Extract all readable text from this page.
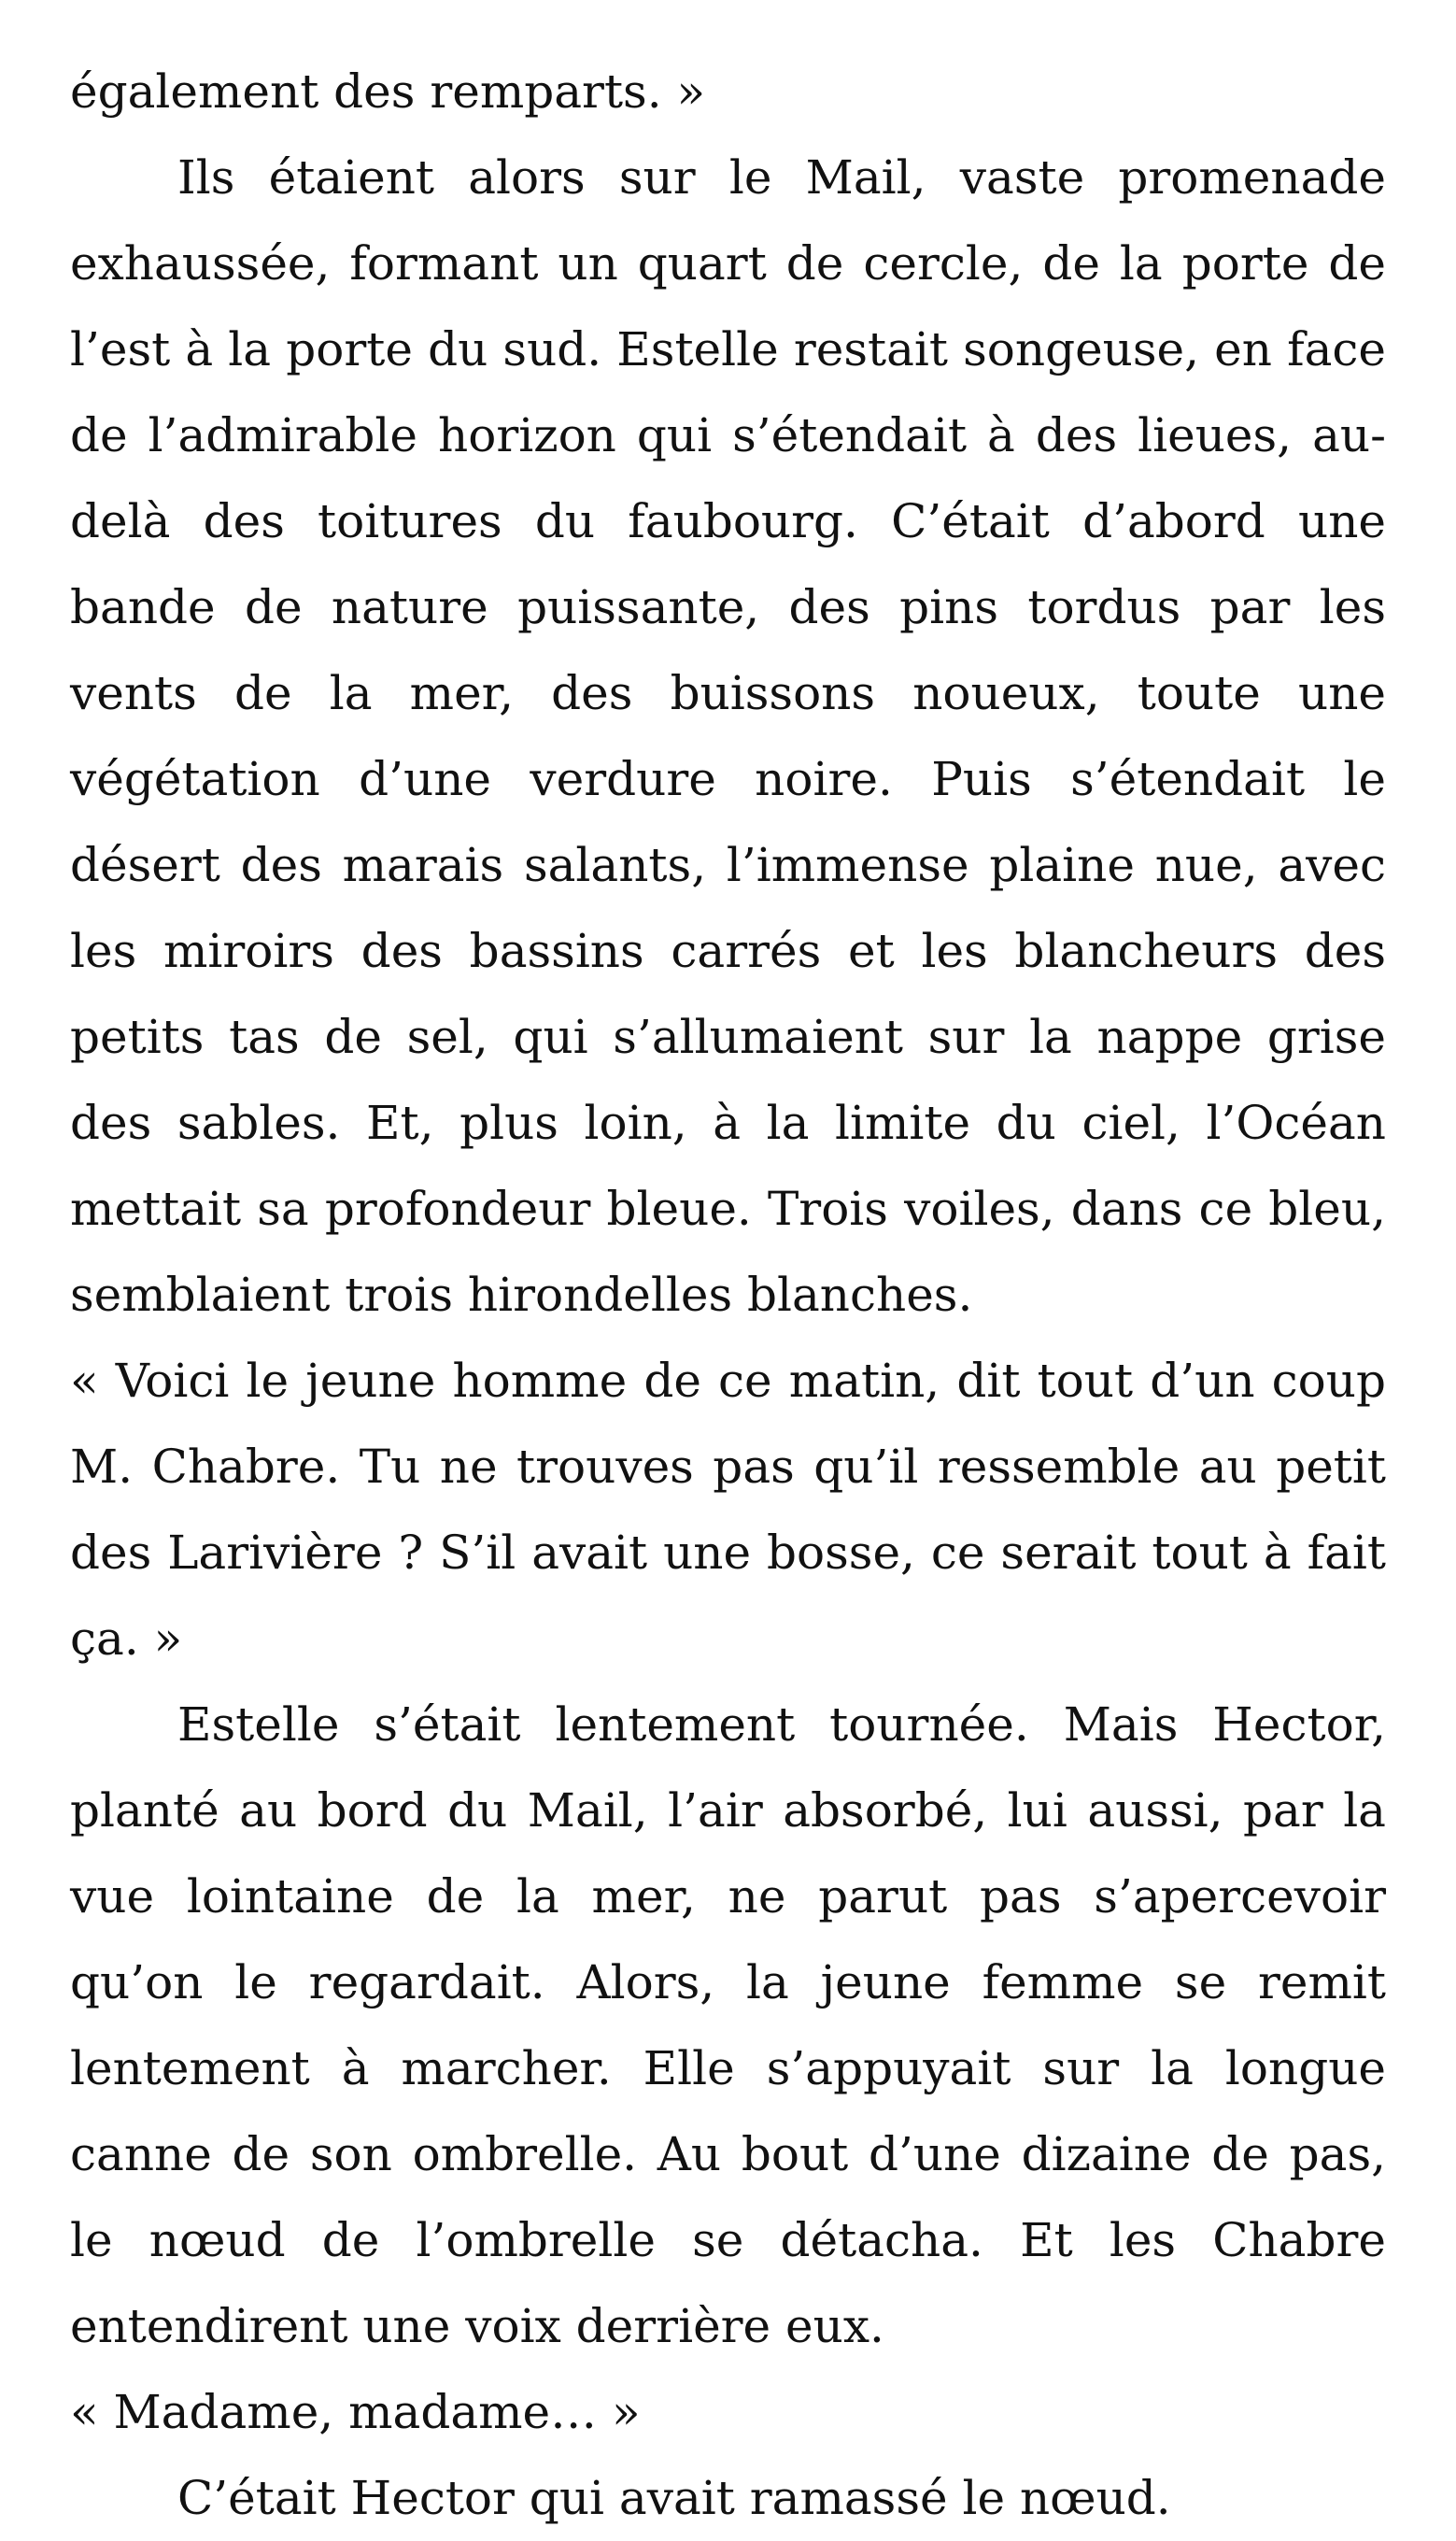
également des remparts. »

Ils étaient alors sur le Mail, vaste promenade exhaussée, formant un quart de cercle, de la porte de l’est à la porte du sud. Estelle restait songeuse, en face de l’admirable horizon qui s’étendait à des lieues, au-delà des toitures du faubourg. C’était d’abord une bande de nature puissante, des pins tordus par les vents de la mer, des buissons noueux, toute une végétation d’une verdure noire. Puis s’étendait le désert des marais salants, l’immense plaine nue, avec les miroirs des bassins carrés et les blancheurs des petits tas de sel, qui s’allumaient sur la nappe grise des sables. Et, plus loin, à la limite du ciel, l’Océan mettait sa profondeur bleue. Trois voiles, dans ce bleu, semblaient trois hirondelles blanches.

« Voici le jeune homme de ce matin, dit tout d’un coup M. Chabre. Tu ne trouves pas qu’il ressemble au petit des Larivière ? S’il avait une bosse, ce serait tout à fait ça. »

Estelle s’était lentement tournée. Mais Hector, planté au bord du Mail, l’air absorbé, lui aussi, par la vue lointaine de la mer, ne parut pas s’apercevoir qu’on le regardait. Alors, la jeune femme se remit lentement à marcher. Elle s’appuyait sur la longue canne de son ombrelle. Au bout d’une dizaine de pas, le nœud de l’ombrelle se détacha. Et les Chabre entendirent une voix derrière eux.

« Madame, madame… »

C’était Hector qui avait ramassé le nœud.
